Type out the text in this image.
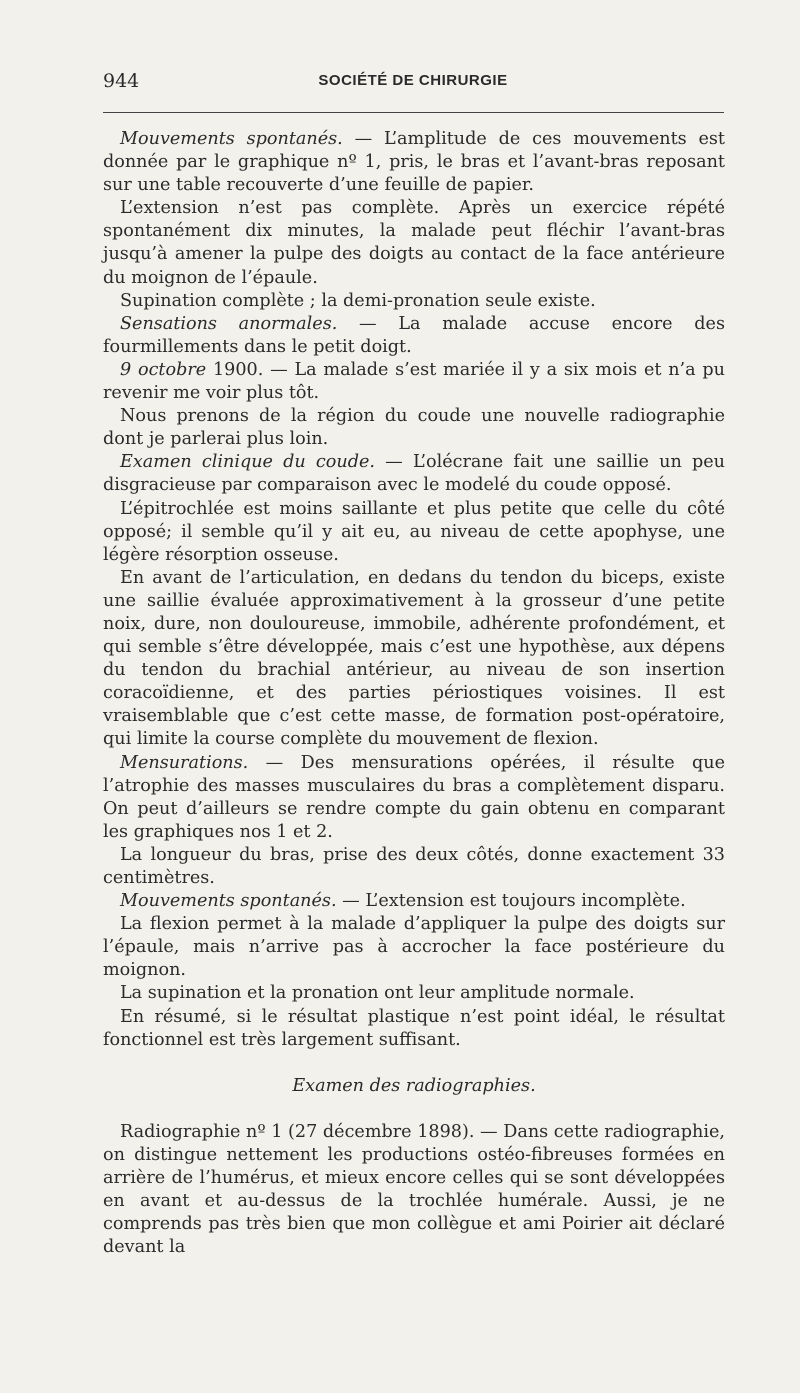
944	SOCIÉTÉ DE CHIRURGIE

Mouvements spontanés. — L’amplitude de ces mouvements est donnée par le graphique nº 1, pris, le bras et l’avant-bras reposant sur une table recouverte d’une feuille de papier.

L’extension n’est pas complète. Après un exercice répété spontanément dix minutes, la malade peut fléchir l’avant-bras jusqu’à amener la pulpe des doigts au contact de la face antérieure du moignon de l’épaule.

Supination complète ; la demi-pronation seule existe.

Sensations anormales. — La malade accuse encore des fourmillements dans le petit doigt.

9 octobre 1900. — La malade s’est mariée il y a six mois et n’a pu revenir me voir plus tôt.

Nous prenons de la région du coude une nouvelle radiographie dont je parlerai plus loin.

Examen clinique du coude. — L’olécrane fait une saillie un peu disgracieuse par comparaison avec le modelé du coude opposé.

L’épitrochlée est moins saillante et plus petite que celle du côté opposé; il semble qu’il y ait eu, au niveau de cette apophyse, une légère résorption osseuse.

En avant de l’articulation, en dedans du tendon du biceps, existe une saillie évaluée approximativement à la grosseur d’une petite noix, dure, non douloureuse, immobile, adhérente profondément, et qui semble s’être développée, mais c’est une hypothèse, aux dépens du tendon du brachial antérieur, au niveau de son insertion coracoïdienne, et des parties périostiques voisines. Il est vraisemblable que c’est cette masse, de formation post-opératoire, qui limite la course complète du mouvement de flexion.

Mensurations. — Des mensurations opérées, il résulte que l’atrophie des masses musculaires du bras a complètement disparu. On peut d’ailleurs se rendre compte du gain obtenu en comparant les graphiques nos 1 et 2.

La longueur du bras, prise des deux côtés, donne exactement 33 centimètres.

Mouvements spontanés. — L’extension est toujours incomplète.

La flexion permet à la malade d’appliquer la pulpe des doigts sur l’épaule, mais n’arrive pas à accrocher la face postérieure du moignon.

La supination et la pronation ont leur amplitude normale.

En résumé, si le résultat plastique n’est point idéal, le résultat fonctionnel est très largement suffisant.

Examen des radiographies.

Radiographie nº 1 (27 décembre 1898). — Dans cette radiographie, on distingue nettement les productions ostéo-fibreuses formées en arrière de l’humérus, et mieux encore celles qui se sont développées en avant et au-dessus de la trochlée humérale. Aussi, je ne comprends pas très bien que mon collègue et ami Poirier ait déclaré devant la
